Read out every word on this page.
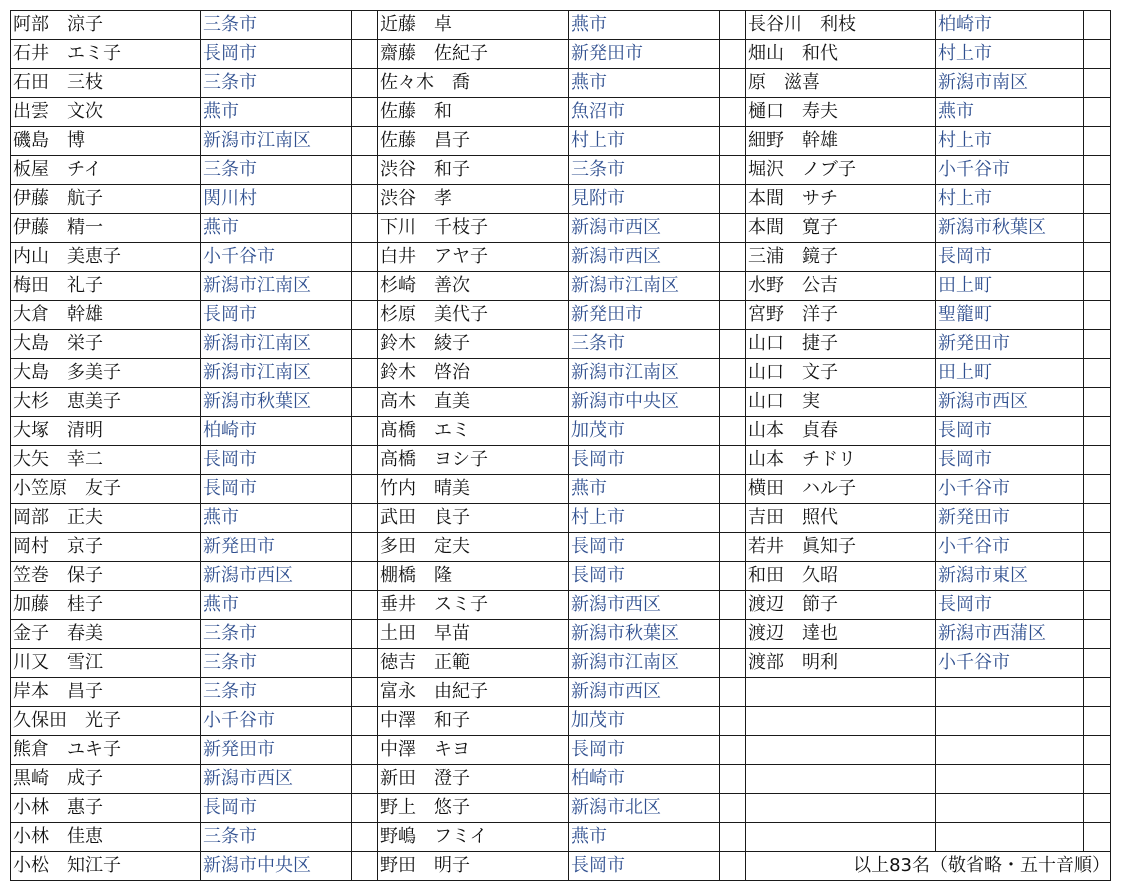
阿部　涼子	三条市		近藤　卓	燕市		長谷川　利枝	柏崎市	
石井　エミ子	長岡市		齋藤　佐紀子	新発田市		畑山　和代	村上市	
石田　三枝	三条市		佐々木　喬	燕市		原　滋喜	新潟市南区	
出雲　文次	燕市		佐藤　和	魚沼市		樋口　寿夫	燕市	
磯島　博	新潟市江南区		佐藤　昌子	村上市		細野　幹雄	村上市	
板屋　チイ	三条市		渋谷　和子	三条市		堀沢　ノブ子	小千谷市	
伊藤　航子	関川村		渋谷　孝	見附市		本間　サチ	村上市	
伊藤　精一	燕市		下川　千枝子	新潟市西区		本間　寛子	新潟市秋葉区	
内山　美恵子	小千谷市		白井　アヤ子	新潟市西区		三浦　鏡子	長岡市	
梅田　礼子	新潟市江南区		杉崎　善次	新潟市江南区		水野　公吉	田上町	
大倉　幹雄	長岡市		杉原　美代子	新発田市		宮野　洋子	聖籠町	
大島　栄子	新潟市江南区		鈴木　綾子	三条市		山口　捷子	新発田市	
大島　多美子	新潟市江南区		鈴木　啓治	新潟市江南区		山口　文子	田上町	
大杉　恵美子	新潟市秋葉区		高木　直美	新潟市中央区		山口　実	新潟市西区	
大塚　清明	柏崎市		髙橋　エミ	加茂市		山本　貞春	長岡市	
大矢　幸二	長岡市		高橋　ヨシ子	長岡市		山本　チドリ	長岡市	
小笠原　友子	長岡市		竹内　晴美	燕市		横田　ハル子	小千谷市	
岡部　正夫	燕市		武田　良子	村上市		吉田　照代	新発田市	
岡村　京子	新発田市		多田　定夫	長岡市		若井　眞知子	小千谷市	
笠巻　保子	新潟市西区		棚橋　隆	長岡市		和田　久昭	新潟市東区	
加藤　桂子	燕市		垂井　スミ子	新潟市西区		渡辺　節子	長岡市	
金子　春美	三条市		土田　早苗	新潟市秋葉区		渡辺　達也	新潟市西蒲区	
川又　雪江	三条市		徳吉　正範	新潟市江南区		渡部　明利	小千谷市	
岸本　昌子	三条市		富永　由紀子	新潟市西区				
久保田　光子	小千谷市		中澤　和子	加茂市				
熊倉　ユキ子	新発田市		中澤　キヨ	長岡市				
黒崎　成子	新潟市西区		新田　澄子	柏崎市				
小林　惠子	長岡市		野上　悠子	新潟市北区				
小林　佳恵	三条市		野嶋　フミイ	燕市				
小松　知江子	新潟市中央区		野田　明子	長岡市		以上83名（敬省略・五十音順）		
